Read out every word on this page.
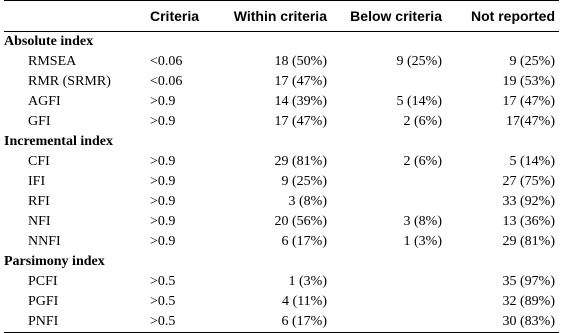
	Criteria	Within criteria	Below criteria	Not reported
Absolute index				
RMSEA	<0.06	18 (50%)	9 (25%)	9 (25%)
RMR (SRMR)	<0.06	17 (47%)		19 (53%)
AGFI	>0.9	14 (39%)	5 (14%)	17 (47%)
GFI	>0.9	17 (47%)	2 (6%)	17(47%)
Incremental index				
CFI	>0.9	29 (81%)	2 (6%)	5 (14%)
IFI	>0.9	9 (25%)		27 (75%)
RFI	>0.9	3 (8%)		33 (92%)
NFI	>0.9	20 (56%)	3 (8%)	13 (36%)
NNFI	>0.9	6 (17%)	1 (3%)	29 (81%)
Parsimony index				
PCFI	>0.5	1 (3%)		35 (97%)
PGFI	>0.5	4 (11%)		32 (89%)
PNFI	>0.5	6 (17%)		30 (83%)
